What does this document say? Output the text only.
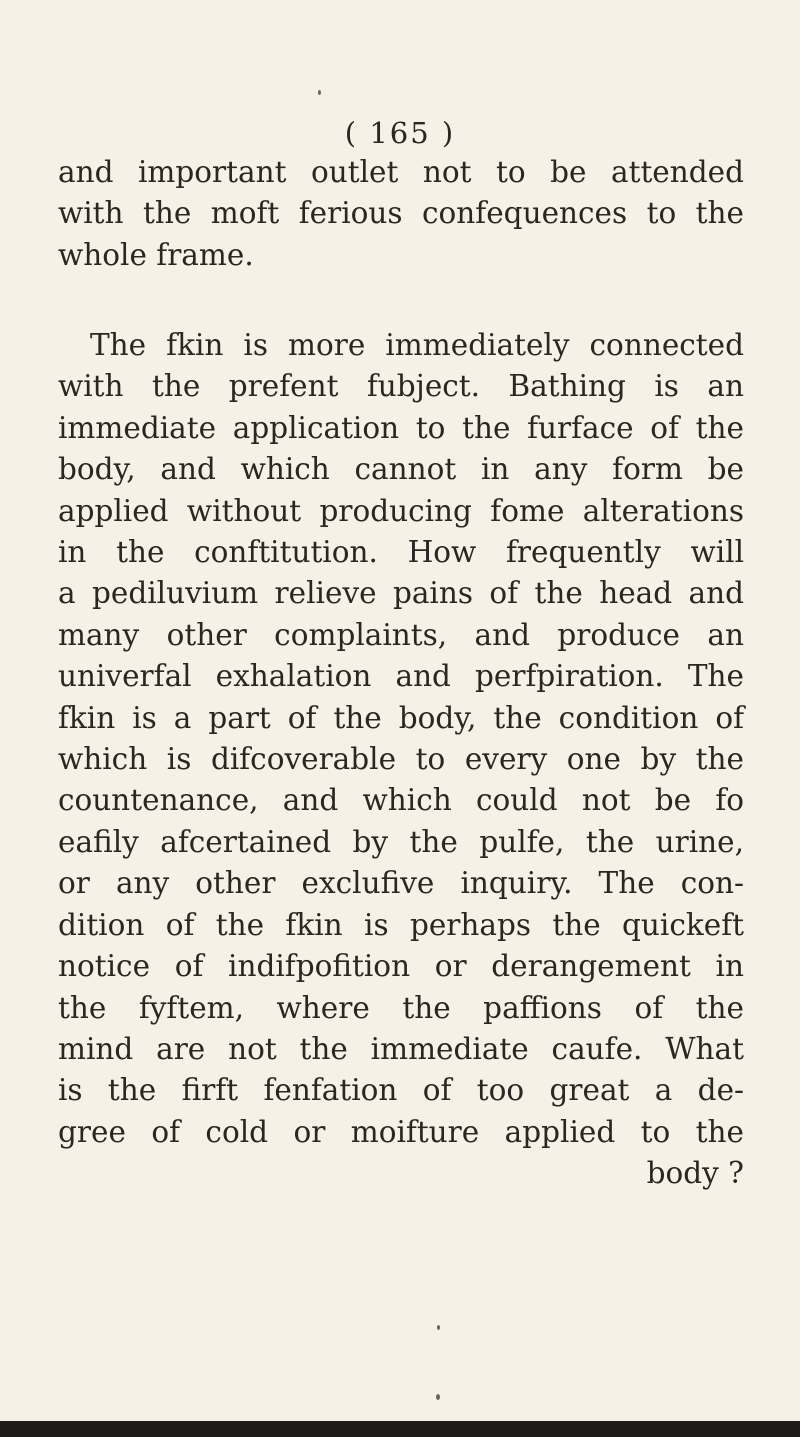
( 165 )
and important outlet not to be attended
with the moft ferious confequences to the
whole frame.
The fkin is more immediately connected
with the prefent fubject. Bathing is an
immediate application to the furface of the
body, and which cannot in any form be
applied without producing fome alterations
in the conftitution. How frequently will
a pediluvium relieve pains of the head and
many other complaints, and produce an
univerfal exhalation and perfpiration. The
fkin is a part of the body, the condition of
which is difcoverable to every one by the
countenance, and which could not be fo
eafily afcertained by the pulfe, the urine,
or any other exclufive inquiry. The con-
dition of the fkin is perhaps the quickeft
notice of indifpofition or derangement in
the fyftem, where the paffions of the
mind are not the immediate caufe. What
is the firft fenfation of too great a de-
gree of cold or moifture applied to the
body ?
